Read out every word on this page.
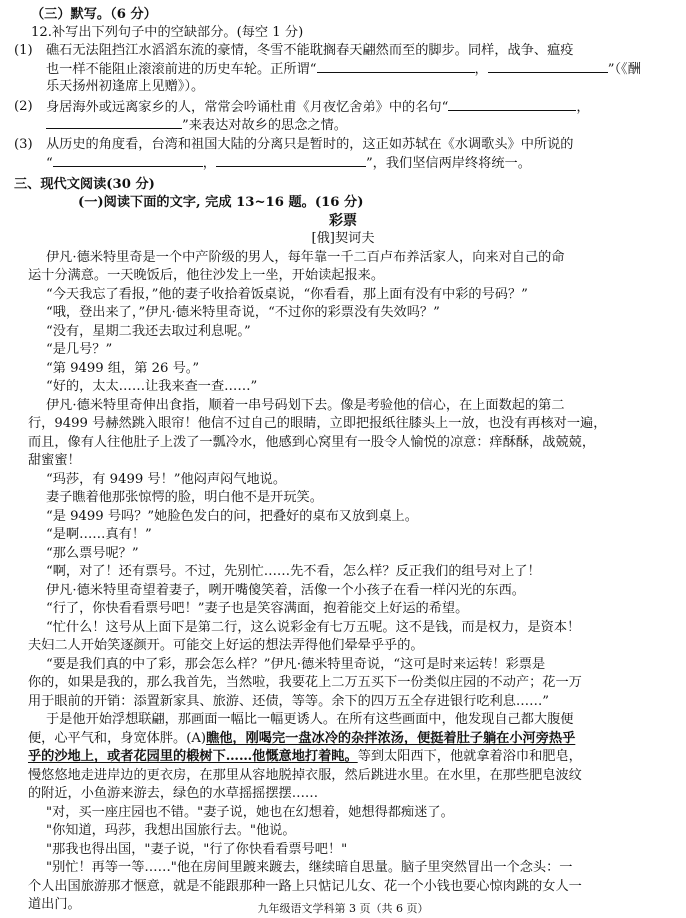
（三）默写。（6 分）
12.补写出下列句子中的空缺部分。(每空 1 分)
(1) 礁石无法阻挡江水滔滔东流的豪情，冬雪不能耽搁春天翩然而至的脚步。同样，战争、瘟疫
也一样不能阻止滚滚前进的历史车轮。正所谓“	，	”（《酬
乐天扬州初逢席上见赠》）。
(2) 身居海外或远离家乡的人，常常会吟诵杜甫《月夜忆舍弟》中的名句“	，
”来表达对故乡的思念之情。
(3) 从历史的角度看，台湾和祖国大陆的分离只是暂时的，这正如苏轼在《水调歌头》中所说的
“	，	”，我们坚信两岸终将统一。
三、现代文阅读(30 分)
(一)阅读下面的文字, 完成 13~16 题。(16 分)
彩票
[俄]契诃夫
伊凡·德米特里奇是一个中产阶级的男人，每年靠一千二百卢布养活家人，向来对自己的命
运十分满意。一天晚饭后，他往沙发上一坐，开始读起报来。
“今天我忘了看报，”他的妻子收拾着饭桌说，“你看看，那上面有没有中彩的号码？”
“哦，登出来了，”伊凡·德米特里奇说，“不过你的彩票没有失效吗？”
“没有，星期二我还去取过利息呢。”
“是几号？”
“第 9499 组，第 26 号。”
“好的，太太……让我来查一查……”
伊凡·德米特里奇伸出食指，顺着一串号码划下去。像是考验他的信心，在上面数起的第二
行，9499 号赫然跳入眼帘！他信不过自己的眼睛，立即把报纸往膝头上一放，也没有再核对一遍，
而且，像有人往他肚子上泼了一瓢冷水，他感到心窝里有一股令人愉悦的凉意：痒酥酥，战兢兢，
甜蜜蜜！
“玛莎，有 9499 号！”他闷声闷气地说。
妻子瞧着他那张惊愕的脸，明白他不是开玩笑。
“是 9499 号吗？”她脸色发白的问，把叠好的桌布又放到桌上。
“是啊……真有！”
“那么票号呢？”
“啊，对了！还有票号。不过，先别忙……先不看，怎么样？反正我们的组号对上了！
伊凡·德米特里奇望着妻子，咧开嘴傻笑着，活像一个小孩子在看一样闪光的东西。
“行了，你快看看票号吧！”妻子也是笑容满面，抱着能交上好运的希望。
“忙什么！这号从上面下是第二行，这么说彩金有七万五呢。这不是钱，而是权力，是资本！
夫妇二人开始笑逐颜开。可能交上好运的想法弄得他们晕晕乎乎的。
“要是我们真的中了彩，那会怎么样？”伊凡·德米特里奇说，“这可是时来运转！彩票是
你的，如果是我的，那么我首先，当然啦，我要花上二万五买下一份类似庄园的不动产；花一万
用于眼前的开销：添置新家具、旅游、还债，等等。余下的四万五全存进银行吃利息……”
于是他开始浮想联翩，那画面一幅比一幅更诱人。在所有这些画面中，他发现自己都大腹便
便，心平气和，身宽体胖。(A)瞧他，刚喝完一盘冰冷的杂拌浓汤，便挺着肚子躺在小河旁热乎
乎的沙地上，或者花园里的椴树下……他慨意地打着盹。等到太阳西下，他就拿着浴巾和肥皂，
慢悠悠地走进岸边的更衣房，在那里从容地脱掉衣服，然后跳进水里。在水里，在那些肥皂波纹
的附近，小鱼游来游去，绿色的水草摇摇摆摆……
"对，买一座庄园也不错。"妻子说，她也在幻想着，她想得都痴迷了。
"你知道，玛莎，我想出国旅行去。"他说。
"那我也得出国，"妻子说，"行了你快看看票号吧！"
"别忙！再等一等……"他在房间里踱来踱去，继续暗自思量。脑子里突然冒出一个念头：一
个人出国旅游那才惬意，就是不能跟那种一路上只惦记儿女、花一个小钱也要心惊肉跳的女人一
道出门。	九年级语文学科第 3 页（共 6 页）
